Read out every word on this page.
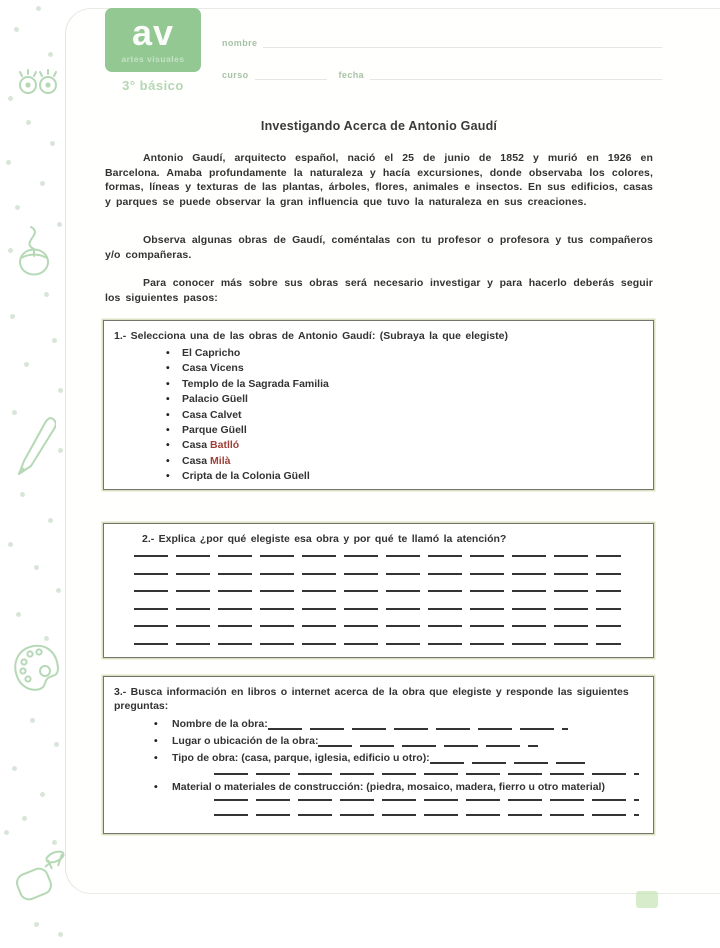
av
artes visuales
3° básico
nombre
curso	fecha
Investigando Acerca de Antonio Gaudí

Antonio Gaudí, arquitecto español, nació el 25 de junio de 1852 y murió en 1926 en Barcelona. Amaba profundamente la naturaleza y hacía excursiones, donde observaba los colores, formas, líneas y texturas de las plantas, árboles, flores, animales e insectos. En sus edificios, casas y parques se puede observar la gran influencia que tuvo la naturaleza en sus creaciones.

Observa algunas obras de Gaudí, coméntalas con tu profesor o profesora y tus compañeros y/o compañeras.

Para conocer más sobre sus obras será necesario investigar y para hacerlo deberás seguir los siguientes pasos:

1.- Selecciona una de las obras de Antonio Gaudí: (Subraya la que elegiste)
• El Capricho
• Casa Vicens
• Templo de la Sagrada Familia
• Palacio Güell
• Casa Calvet
• Parque Güell
• Casa Batlló
• Casa Milà
• Cripta de la Colonia Güell
2.- Explica ¿por qué elegiste esa obra y por qué te llamó la atención?
3.- Busca información en libros o internet acerca de la obra que elegiste y responde las siguientes preguntas:
•	Nombre de la obra:
•	Lugar o ubicación de la obra:
•	Tipo de obra: (casa, parque, iglesia, edificio u otro):
•	Material o materiales de construcción: (piedra, mosaico, madera, fierro u otro material)
